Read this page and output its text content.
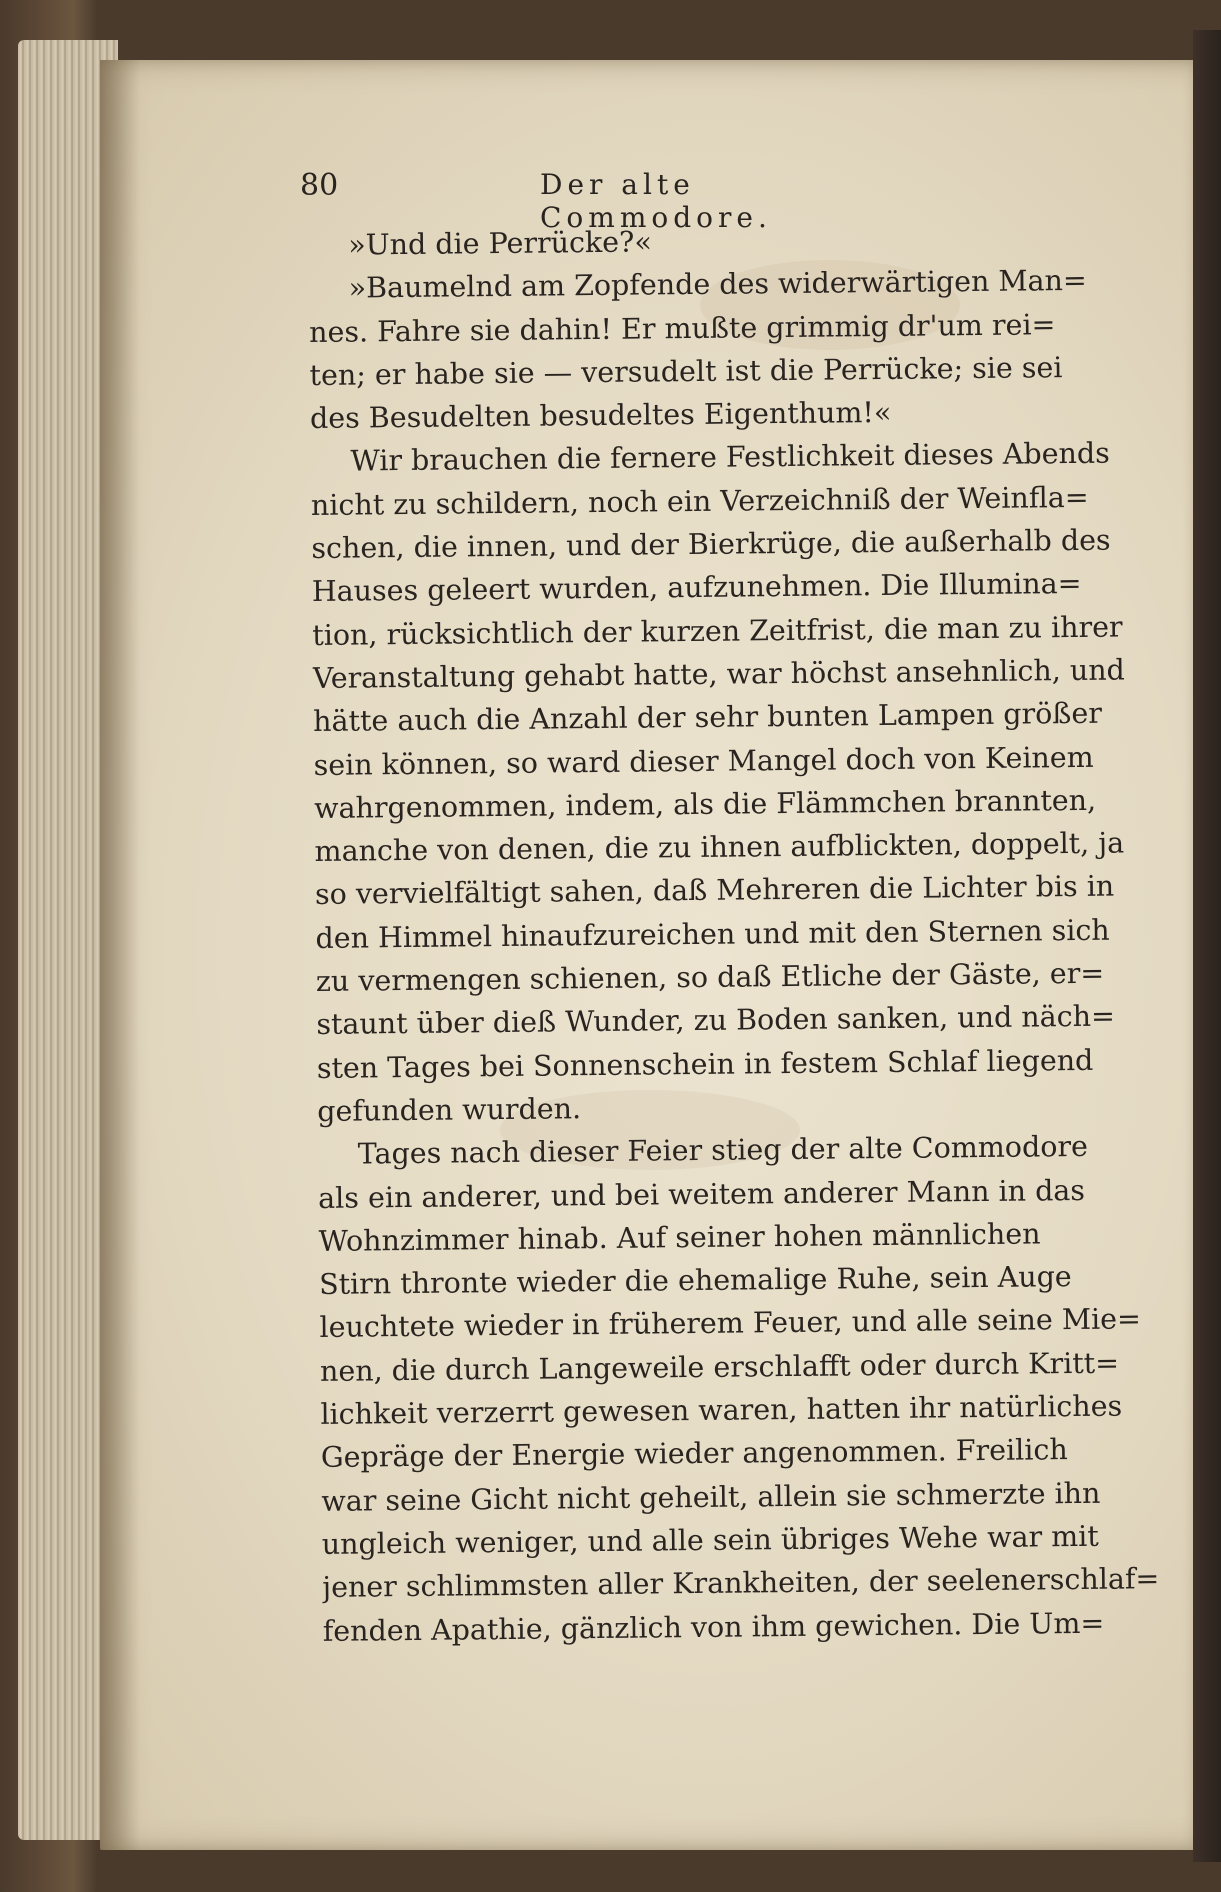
80	Der alte Commodore.
»Und die Perrücke?«
»Baumelnd am Zopfende des widerwärtigen Man=
nes. Fahre sie dahin! Er mußte grimmig dr'um rei=
ten; er habe sie — versudelt ist die Perrücke; sie sei
des Besudelten besudeltes Eigenthum!«
Wir brauchen die fernere Festlichkeit dieses Abends
nicht zu schildern, noch ein Verzeichniß der Weinfla=
schen, die innen, und der Bierkrüge, die außerhalb des
Hauses geleert wurden, aufzunehmen. Die Illumina=
tion, rücksichtlich der kurzen Zeitfrist, die man zu ihrer
Veranstaltung gehabt hatte, war höchst ansehnlich, und
hätte auch die Anzahl der sehr bunten Lampen größer
sein können, so ward dieser Mangel doch von Keinem
wahrgenommen, indem, als die Flämmchen brannten,
manche von denen, die zu ihnen aufblickten, doppelt, ja
so vervielfältigt sahen, daß Mehreren die Lichter bis in
den Himmel hinaufzureichen und mit den Sternen sich
zu vermengen schienen, so daß Etliche der Gäste, er=
staunt über dieß Wunder, zu Boden sanken, und näch=
sten Tages bei Sonnenschein in festem Schlaf liegend
gefunden wurden.
Tages nach dieser Feier stieg der alte Commodore
als ein anderer, und bei weitem anderer Mann in das
Wohnzimmer hinab. Auf seiner hohen männlichen
Stirn thronte wieder die ehemalige Ruhe, sein Auge
leuchtete wieder in früherem Feuer, und alle seine Mie=
nen, die durch Langeweile erschlafft oder durch Kritt=
lichkeit verzerrt gewesen waren, hatten ihr natürliches
Gepräge der Energie wieder angenommen. Freilich
war seine Gicht nicht geheilt, allein sie schmerzte ihn
ungleich weniger, und alle sein übriges Wehe war mit
jener schlimmsten aller Krankheiten, der seelenerschlaf=
fenden Apathie, gänzlich von ihm gewichen. Die Um=
